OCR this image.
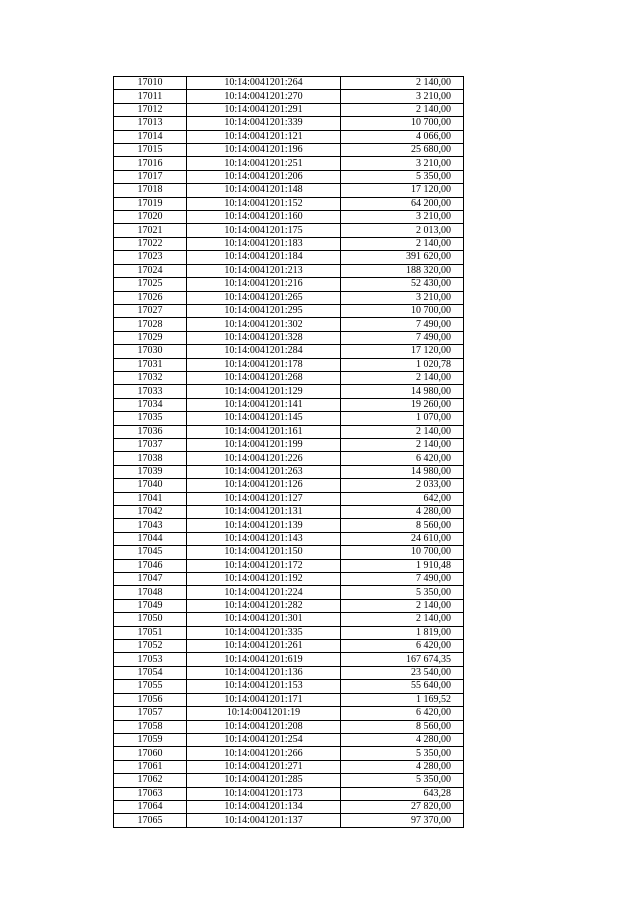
17010	10:14:0041201:264	2 140,00
17011	10:14:0041201:270	3 210,00
17012	10:14:0041201:291	2 140,00
17013	10:14:0041201:339	10 700,00
17014	10:14:0041201:121	4 066,00
17015	10:14:0041201:196	25 680,00
17016	10:14:0041201:251	3 210,00
17017	10:14:0041201:206	5 350,00
17018	10:14:0041201:148	17 120,00
17019	10:14:0041201:152	64 200,00
17020	10:14:0041201:160	3 210,00
17021	10:14:0041201:175	2 013,00
17022	10:14:0041201:183	2 140,00
17023	10:14:0041201:184	391 620,00
17024	10:14:0041201:213	188 320,00
17025	10:14:0041201:216	52 430,00
17026	10:14:0041201:265	3 210,00
17027	10:14:0041201:295	10 700,00
17028	10:14:0041201:302	7 490,00
17029	10:14:0041201:328	7 490,00
17030	10:14:0041201:284	17 120,00
17031	10:14:0041201:178	1 020,78
17032	10:14:0041201:268	2 140,00
17033	10:14:0041201:129	14 980,00
17034	10:14:0041201:141	19 260,00
17035	10:14:0041201:145	1 070,00
17036	10:14:0041201:161	2 140,00
17037	10:14:0041201:199	2 140,00
17038	10:14:0041201:226	6 420,00
17039	10:14:0041201:263	14 980,00
17040	10:14:0041201:126	2 033,00
17041	10:14:0041201:127	642,00
17042	10:14:0041201:131	4 280,00
17043	10:14:0041201:139	8 560,00
17044	10:14:0041201:143	24 610,00
17045	10:14:0041201:150	10 700,00
17046	10:14:0041201:172	1 910,48
17047	10:14:0041201:192	7 490,00
17048	10:14:0041201:224	5 350,00
17049	10:14:0041201:282	2 140,00
17050	10:14:0041201:301	2 140,00
17051	10:14:0041201:335	1 819,00
17052	10:14:0041201:261	6 420,00
17053	10:14:0041201:619	167 674,35
17054	10:14:0041201:136	23 540,00
17055	10:14:0041201:153	55 640,00
17056	10:14:0041201:171	1 169,52
17057	10:14:0041201:19	6 420,00
17058	10:14:0041201:208	8 560,00
17059	10:14:0041201:254	4 280,00
17060	10:14:0041201:266	5 350,00
17061	10:14:0041201:271	4 280,00
17062	10:14:0041201:285	5 350,00
17063	10:14:0041201:173	643,28
17064	10:14:0041201:134	27 820,00
17065	10:14:0041201:137	97 370,00
